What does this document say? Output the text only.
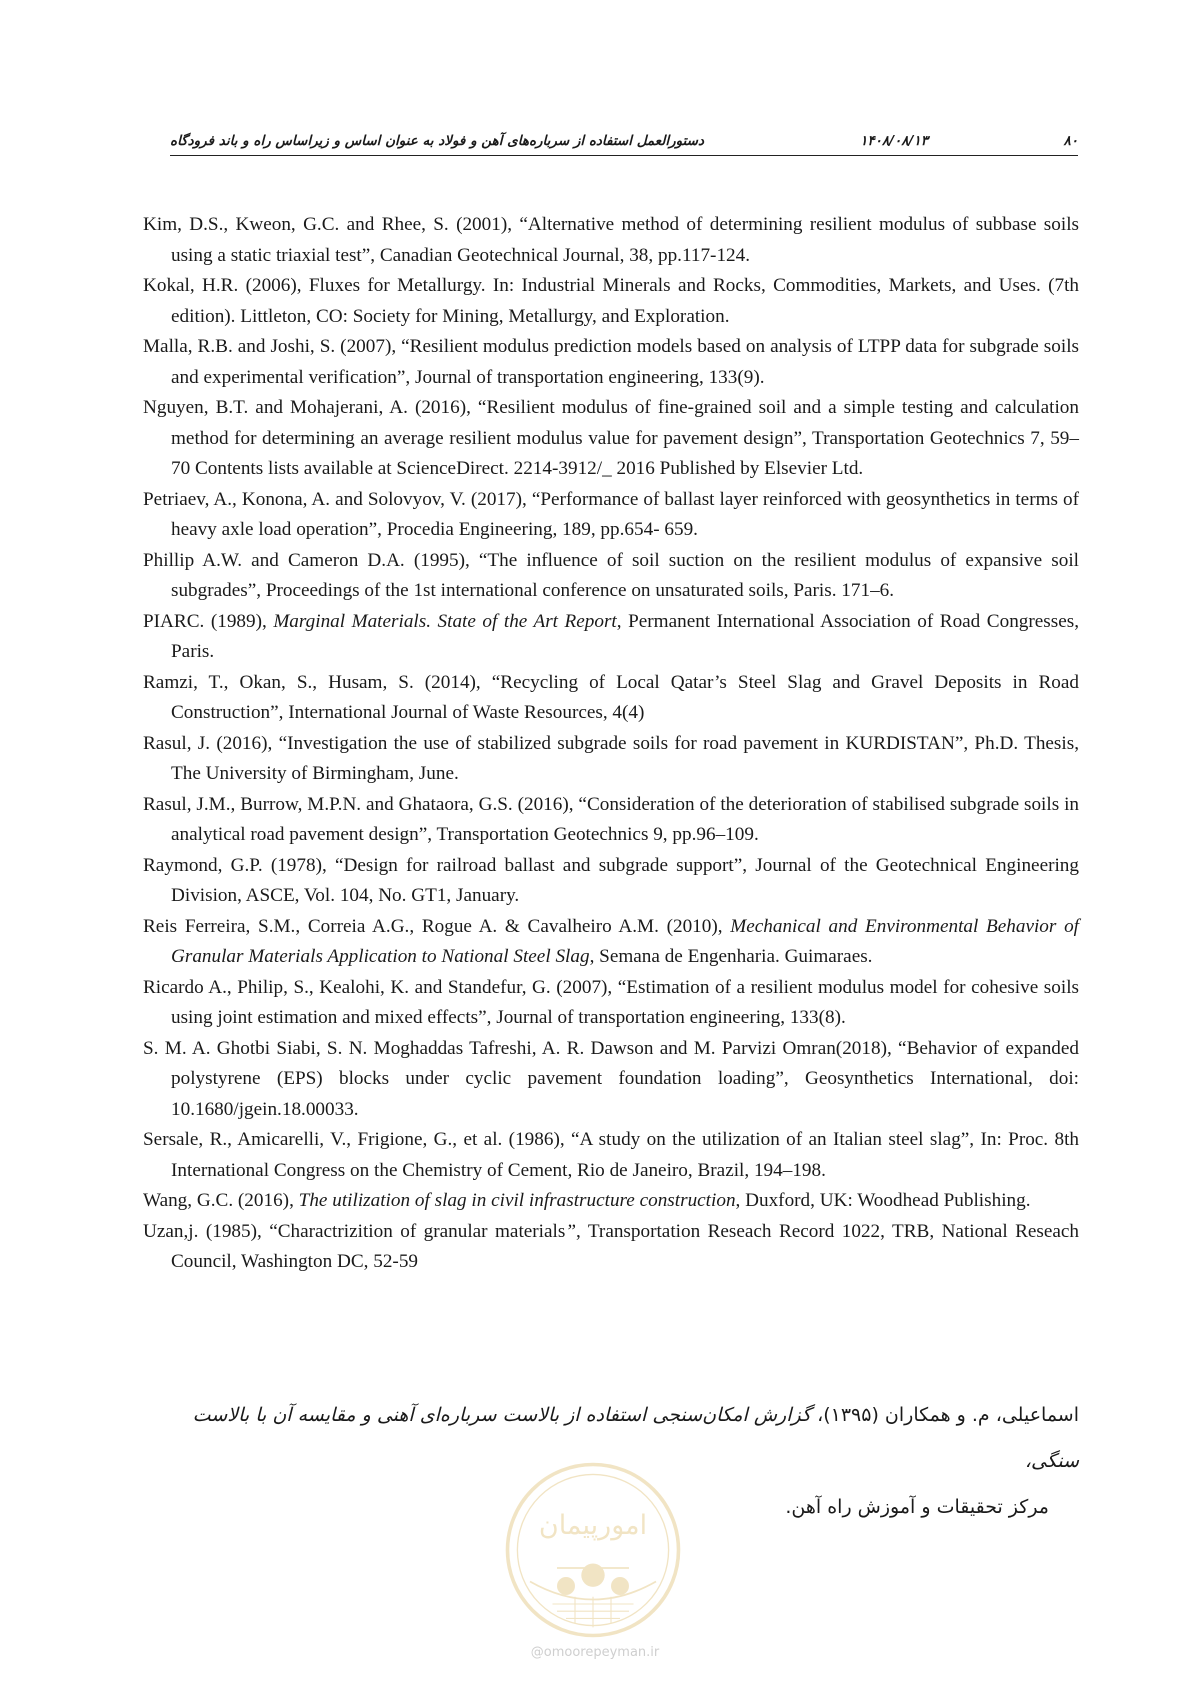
۸۰
۱۴۰۸/۰۸/۱۳
دستورالعمل استفاده از سرباره‌های آهن و فولاد به عنوان اساس و زیراساس راه و باند فرودگاه

Kim, D.S., Kweon, G.C. and Rhee, S. (2001), “Alternative method of determining resilient modulus of subbase soils using a static triaxial test”, Canadian Geotechnical Journal, 38, pp.117-124.

Kokal, H.R. (2006), Fluxes for Metallurgy. In: Industrial Minerals and Rocks, Commodities, Markets, and Uses. (7th edition). Littleton, CO: Society for Mining, Metallurgy, and Exploration.

Malla, R.B. and Joshi, S. (2007), “Resilient modulus prediction models based on analysis of LTPP data for subgrade soils and experimental verification”, Journal of transportation engineering, 133(9).

Nguyen, B.T. and Mohajerani, A. (2016), “Resilient modulus of fine-grained soil and a simple testing and calculation method for determining an average resilient modulus value for pavement design”, Transportation Geotechnics 7, 59–70 Contents lists available at ScienceDirect. 2214-3912/_ 2016 Published by Elsevier Ltd.

Petriaev, A., Konona, A. and Solovyov, V. (2017), “Performance of ballast layer reinforced with geosynthetics in terms of heavy axle load operation”, Procedia Engineering, 189, pp.654- 659.

Phillip A.W. and Cameron D.A. (1995), “The influence of soil suction on the resilient modulus of expansive soil subgrades”, Proceedings of the 1st international conference on unsaturated soils, Paris. 171–6.

PIARC. (1989), Marginal Materials. State of the Art Report, Permanent International Association of Road Congresses, Paris.

Ramzi, T., Okan, S., Husam, S. (2014), “Recycling of Local Qatar’s Steel Slag and Gravel Deposits in Road Construction”, International Journal of Waste Resources, 4(4)

Rasul, J. (2016), “Investigation the use of stabilized subgrade soils for road pavement in KURDISTAN”, Ph.D. Thesis, The University of Birmingham, June.

Rasul, J.M., Burrow, M.P.N. and Ghataora, G.S. (2016), “Consideration of the deterioration of stabilised subgrade soils in analytical road pavement design”, Transportation Geotechnics 9, pp.96–109.

Raymond, G.P. (1978), “Design for railroad ballast and subgrade support”, Journal of the Geotechnical Engineering Division, ASCE, Vol. 104, No. GT1, January.

Reis Ferreira, S.M., Correia A.G., Rogue A. & Cavalheiro A.M. (2010), Mechanical and Environmental Behavior of Granular Materials Application to National Steel Slag, Semana de Engenharia. Guimaraes.

Ricardo A., Philip, S., Kealohi, K. and Standefur, G. (2007), “Estimation of a resilient modulus model for cohesive soils using joint estimation and mixed effects”, Journal of transportation engineering, 133(8).

S. M. A. Ghotbi Siabi, S. N. Moghaddas Tafreshi, A. R. Dawson and M. Parvizi Omran(2018), “Behavior of expanded polystyrene (EPS) blocks under cyclic pavement foundation loading”, Geosynthetics International, doi: 10.1680/jgein.18.00033.

Sersale, R., Amicarelli, V., Frigione, G., et al. (1986), “A study on the utilization of an Italian steel slag”, In: Proc. 8th International Congress on the Chemistry of Cement, Rio de Janeiro, Brazil, 194–198.

Wang, G.C. (2016), The utilization of slag in civil infrastructure construction, Duxford, UK: Woodhead Publishing.

Uzan,j. (1985), “Charactrizition of granular materials”, Transportation Reseach Record 1022, TRB, National Reseach Council, Washington DC, 52-59

اسماعیلی، م. و همکاران (۱۳۹۵)، گزارش امکان‌سنجی استفاده از بالاست سرباره‌ای آهنی و مقایسه آن با بالاست سنگی،

مرکز تحقیقات و آموزش راه آهن.

امورپیمان
@omoorepeyman.ir
